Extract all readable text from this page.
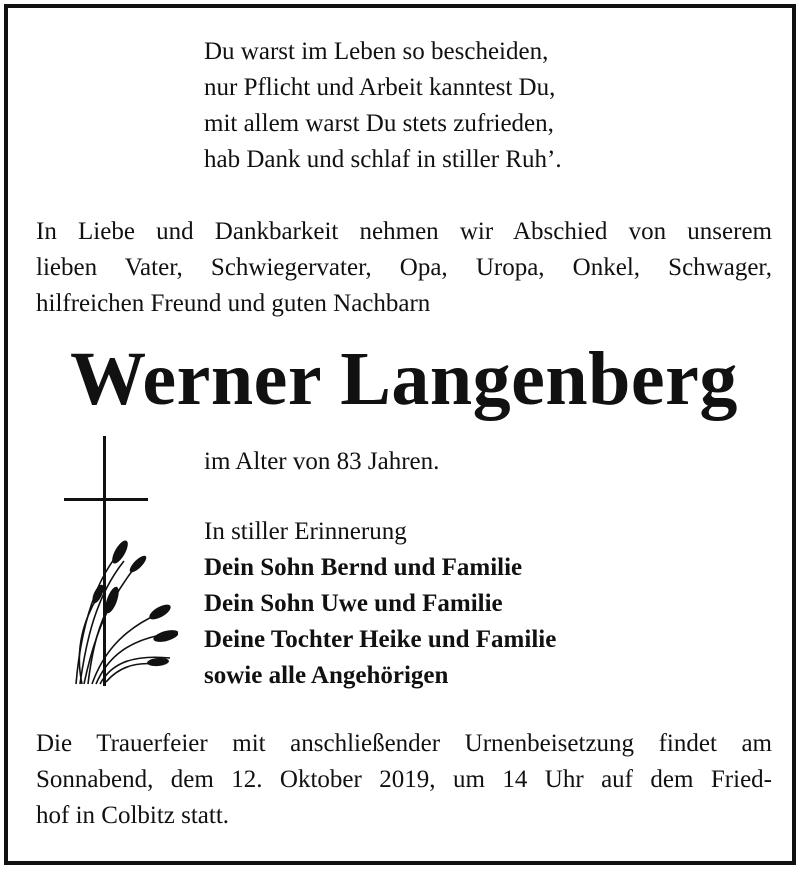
Du warst im Leben so bescheiden,
nur Pflicht und Arbeit kanntest Du,
mit allem warst Du stets zufrieden,
hab Dank und schlaf in stiller Ruh’.
In Liebe und Dankbarkeit nehmen wir Abschied von unserem
lieben Vater, Schwiegervater, Opa, Uropa, Onkel, Schwager,
hilfreichen Freund und guten Nachbarn
Werner Langenberg
im Alter von 83 Jahren.
In stiller Erinnerung
Dein Sohn Bernd und Familie
Dein Sohn Uwe und Familie
Deine Tochter Heike und Familie
sowie alle Angehörigen
Die Trauerfeier mit anschließender Urnenbeisetzung findet am
Sonnabend, dem 12. Oktober 2019, um 14 Uhr auf dem Fried-
hof in Colbitz statt.
